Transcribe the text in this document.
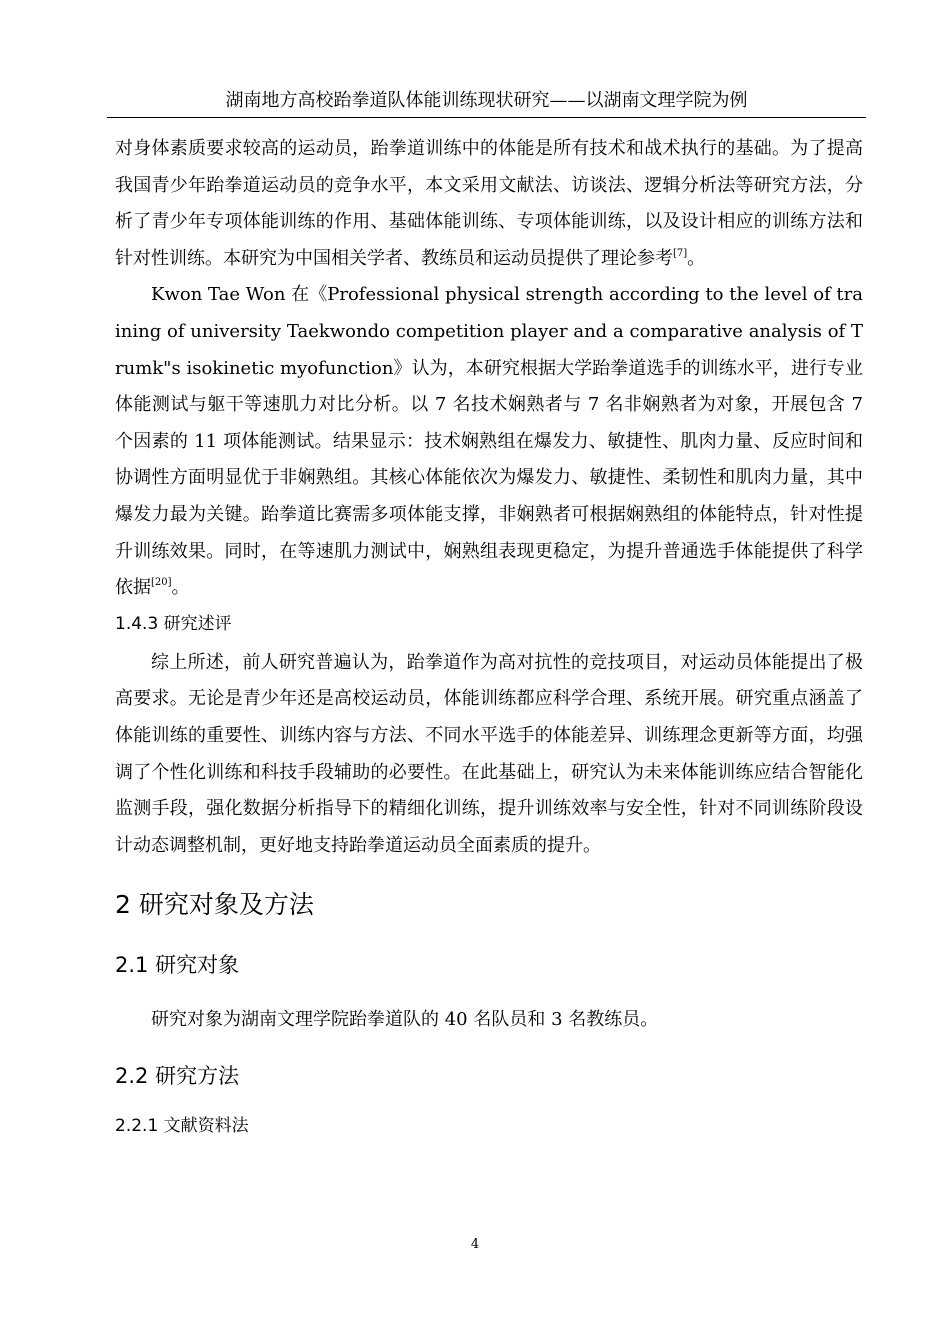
湖南地方高校跆拳道队体能训练现状研究——以湖南文理学院为例

对身体素质要求较高的运动员，跆拳道训练中的体能是所有技术和战术执行的基础。为了提高我国青少年跆拳道运动员的竞争水平，本文采用文献法、访谈法、逻辑分析法等研究方法，分析了青少年专项体能训练的作用、基础体能训练、专项体能训练，以及设计相应的训练方法和针对性训练。本研究为中国相关学者、教练员和运动员提供了理论参考[7]。

Kwon Tae Won 在《Professional physical strength according to the level of training of university Taekwondo competition player and a comparative analysis of Trumk"s isokinetic myofunction》认为，本研究根据大学跆拳道选手的训练水平，进行专业体能测试与躯干等速肌力对比分析。以 7 名技术娴熟者与 7 名非娴熟者为对象，开展包含 7 个因素的 11 项体能测试。结果显示：技术娴熟组在爆发力、敏捷性、肌肉力量、反应时间和协调性方面明显优于非娴熟组。其核心体能依次为爆发力、敏捷性、柔韧性和肌肉力量，其中爆发力最为关键。跆拳道比赛需多项体能支撑，非娴熟者可根据娴熟组的体能特点，针对性提升训练效果。同时，在等速肌力测试中，娴熟组表现更稳定，为提升普通选手体能提供了科学依据[20]。

1.4.3 研究述评

综上所述，前人研究普遍认为，跆拳道作为高对抗性的竞技项目，对运动员体能提出了极高要求。无论是青少年还是高校运动员，体能训练都应科学合理、系统开展。研究重点涵盖了体能训练的重要性、训练内容与方法、不同水平选手的体能差异、训练理念更新等方面，均强调了个性化训练和科技手段辅助的必要性。在此基础上，研究认为未来体能训练应结合智能化监测手段，强化数据分析指导下的精细化训练，提升训练效率与安全性，针对不同训练阶段设计动态调整机制，更好地支持跆拳道运动员全面素质的提升。

2 研究对象及方法
2.1 研究对象

研究对象为湖南文理学院跆拳道队的 40 名队员和 3 名教练员。

2.2 研究方法
2.2.1 文献资料法
4
